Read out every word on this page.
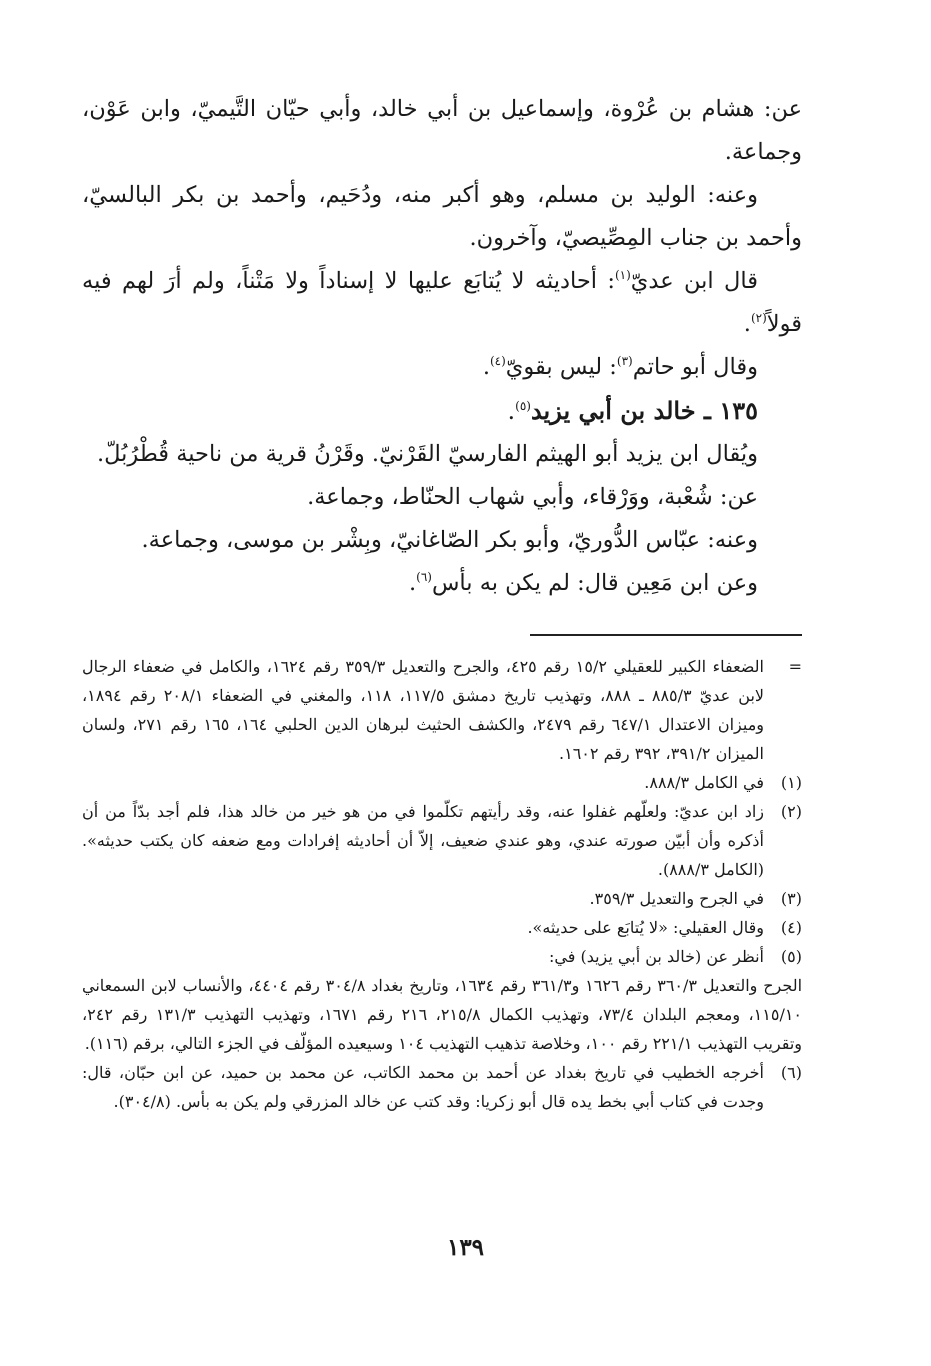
عن: هشام بن عُرْوة، وإسماعيل بن أبي خالد، وأبي حيّان التَّيميّ، وابن عَوْن، وجماعة.

وعنه: الوليد بن مسلم، وهو أكبر منه، ودُحَيم، وأحمد بن بكر البالسيّ، وأحمد بن جناب المِصِّيصيّ، وآخرون.

قال ابن عديّ$^{(١)}$: أحاديثه لا يُتابَع عليها لا إسناداً ولا مَتْناً، ولم أرَ لهم فيه قولاً$^{(٢)}$.

وقال أبو حاتم$^{(٣)}$: ليس بقويّ$^{(٤)}$.

١٣٥ ـ خالد بن أبي يزيد$^{(٥)}$.

ويُقال ابن يزيد أبو الهيثم الفارسيّ القَرْنيّ. وقَرْنُ قرية من ناحية قُطْرُبُلّ.

عن: شُعْبة، ووَرْقاء، وأبي شهاب الحنّاط، وجماعة.

وعنه: عبّاس الدُّوريّ، وأبو بكر الصّاغانيّ، وبِشْر بن موسى، وجماعة.

وعن ابن مَعِين قال: لم يكن به بأس$^{(٦)}$.

=
الضعفاء الكبير للعقيلي ١٥/٢ رقم ٤٢٥، والجرح والتعديل ٣٥٩/٣ رقم ١٦٢٤، والكامل في ضعفاء الرجال لابن عديّ ٨٨٥/٣ ـ ٨٨٨، وتهذيب تاريخ دمشق ١١٧/٥، ١١٨، والمغني في الضعفاء ٢٠٨/١ رقم ١٨٩٤، وميزان الاعتدال ٦٤٧/١ رقم ٢٤٧٩، والكشف الحثيث لبرهان الدين الحلبي ١٦٤، ١٦٥ رقم ٢٧١، ولسان الميزان ٣٩١/٢، ٣٩٢ رقم ١٦٠٢.
(١)
في الكامل ٨٨٨/٣.
(٢)
زاد ابن عديّ: ولعلّهم غفلوا عنه، وقد رأيتهم تكلّموا في من هو خير من خالد هذا، فلم أجد بدّاً من أن أذكره وأن أبيّن صورته عندي، وهو عندي ضعيف، إلاّ أن أحاديثه إفرادات ومع ضعفه كان يكتب حديثه». (الكامل ٨٨٨/٣).
(٣)
في الجرح والتعديل ٣٥٩/٣.
(٤)
وقال العقيلي: «لا يُتابَع على حديثه».
(٥)
أنظر عن (خالد بن أبي يزيد) في:

الجرح والتعديل ٣٦٠/٣ رقم ١٦٢٦ و٣٦١/٣ رقم ١٦٣٤، وتاريخ بغداد ٣٠٤/٨ رقم ٤٤٠٤، والأنساب لابن السمعاني ١١٥/١٠، ومعجم البلدان ٧٣/٤، وتهذيب الكمال ٢١٥/٨، ٢١٦ رقم ١٦٧١، وتهذيب التهذيب ١٣١/٣ رقم ٢٤٢، وتقريب التهذيب ٢٢١/١ رقم ١٠٠، وخلاصة تذهيب التهذيب ١٠٤ وسيعيده المؤلّف في الجزء التالي، برقم (١١٦).

(٦)
أخرجه الخطيب في تاريخ بغداد عن أحمد بن محمد الكاتب، عن محمد بن حميد، عن ابن حبّان، قال: وجدت في كتاب أبي بخط يده قال أبو زكريا: وقد كتب عن خالد المزرقي ولم يكن به بأس. (٣٠٤/٨).
١٣٩
